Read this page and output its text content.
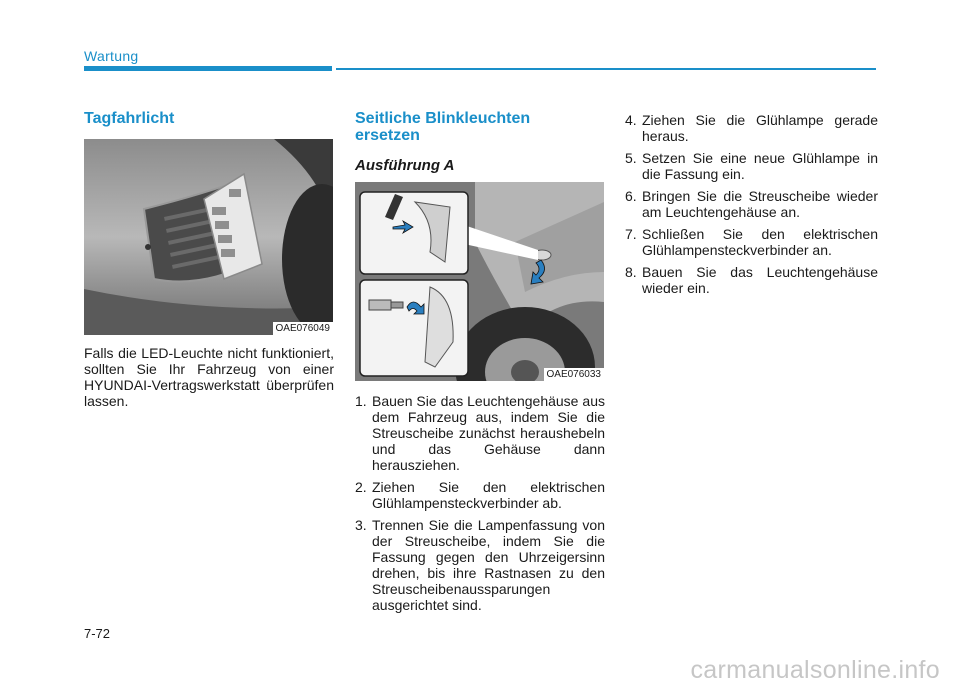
Wartung
Tagfahrlicht
OAE076049

Falls die LED-Leuchte nicht funktioniert, sollten Sie Ihr Fahrzeug von einer HYUNDAI-Vertragswerkstatt überprüfen lassen.

Seitliche Blinkleuchten ersetzen
Ausführung A
OAE076033
1. Bauen Sie das Leuchtengehäuse aus dem Fahrzeug aus, indem Sie die Streuscheibe zunächst heraushebeln und das Gehäuse dann herausziehen.
2. Ziehen Sie den elektrischen Glühlampensteckverbinder ab.
3. Trennen Sie die Lampenfassung von der Streuscheibe, indem Sie die Fassung gegen den Uhrzeigersinn drehen, bis ihre Rastnasen zu den Streuscheibenaussparungen ausgerichtet sind.
4. Ziehen Sie die Glühlampe gerade heraus.
5. Setzen Sie eine neue Glühlampe in die Fassung ein.
6. Bringen Sie die Streuscheibe wieder am Leuchtengehäuse an.
7. Schließen Sie den elektrischen Glühlampensteckverbinder an.
8. Bauen Sie das Leuchtengehäuse wieder ein.
7-72
carmanualsonline.info
